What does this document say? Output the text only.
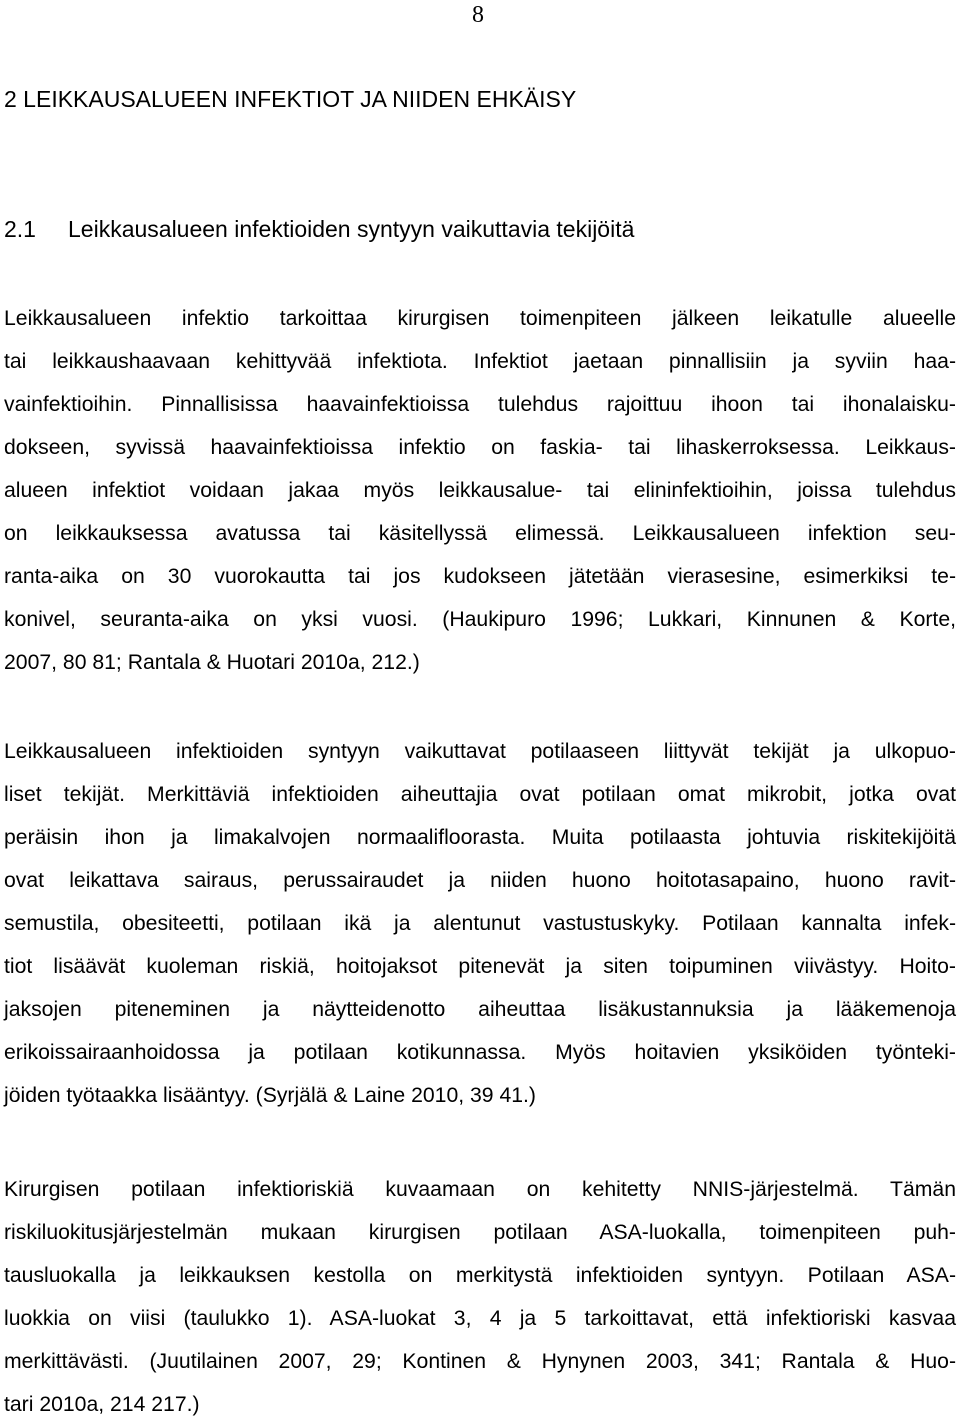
8
2 LEIKKAUSALUEEN INFEKTIOT JA NIIDEN EHKÄISY
2.1 Leikkausalueen infektioiden syntyyn vaikuttavia tekijöitä
Leikkausalueen infektio tarkoittaa kirurgisen toimenpiteen jälkeen leikatulle alueelle
tai leikkaushaavaan kehittyvää infektiota. Infektiot jaetaan pinnallisiin ja syviin haa-
vainfektioihin. Pinnallisissa haavainfektioissa tulehdus rajoittuu ihoon tai ihonalaisku-
dokseen, syvissä haavainfektioissa infektio on faskia- tai lihaskerroksessa. Leikkaus-
alueen infektiot voidaan jakaa myös leikkausalue- tai elininfektioihin, joissa tulehdus
on leikkauksessa avatussa tai käsitellyssä elimessä. Leikkausalueen infektion seu-
ranta-aika on 30 vuorokautta tai jos kudokseen jätetään vierasesine, esimerkiksi te-
konivel, seuranta-aika on yksi vuosi. (Haukipuro 1996; Lukkari, Kinnunen & Korte,
2007, 80 81; Rantala & Huotari 2010a, 212.)
Leikkausalueen infektioiden syntyyn vaikuttavat potilaaseen liittyvät tekijät ja ulkopuo-
liset tekijät. Merkittäviä infektioiden aiheuttajia ovat potilaan omat mikrobit, jotka ovat
peräisin ihon ja limakalvojen normaalifloorasta. Muita potilaasta johtuvia riskitekijöitä
ovat leikattava sairaus, perussairaudet ja niiden huono hoitotasapaino, huono ravit-
semustila, obesiteetti, potilaan ikä ja alentunut vastustuskyky. Potilaan kannalta infek-
tiot lisäävät kuoleman riskiä, hoitojaksot pitenevät ja siten toipuminen viivästyy. Hoito-
jaksojen piteneminen ja näytteidenotto aiheuttaa lisäkustannuksia ja lääkemenoja
erikoissairaanhoidossa ja potilaan kotikunnassa. Myös hoitavien yksiköiden työnteki-
jöiden työtaakka lisääntyy. (Syrjälä & Laine 2010, 39 41.)
Kirurgisen potilaan infektioriskiä kuvaamaan on kehitetty NNIS-järjestelmä. Tämän
riskiluokitusjärjestelmän mukaan kirurgisen potilaan ASA-luokalla, toimenpiteen puh-
tausluokalla ja leikkauksen kestolla on merkitystä infektioiden syntyyn. Potilaan ASA-
luokkia on viisi (taulukko 1). ASA-luokat 3, 4 ja 5 tarkoittavat, että infektioriski kasvaa
merkittävästi. (Juutilainen 2007, 29; Kontinen & Hynynen 2003, 341; Rantala & Huo-
tari 2010a, 214 217.)
